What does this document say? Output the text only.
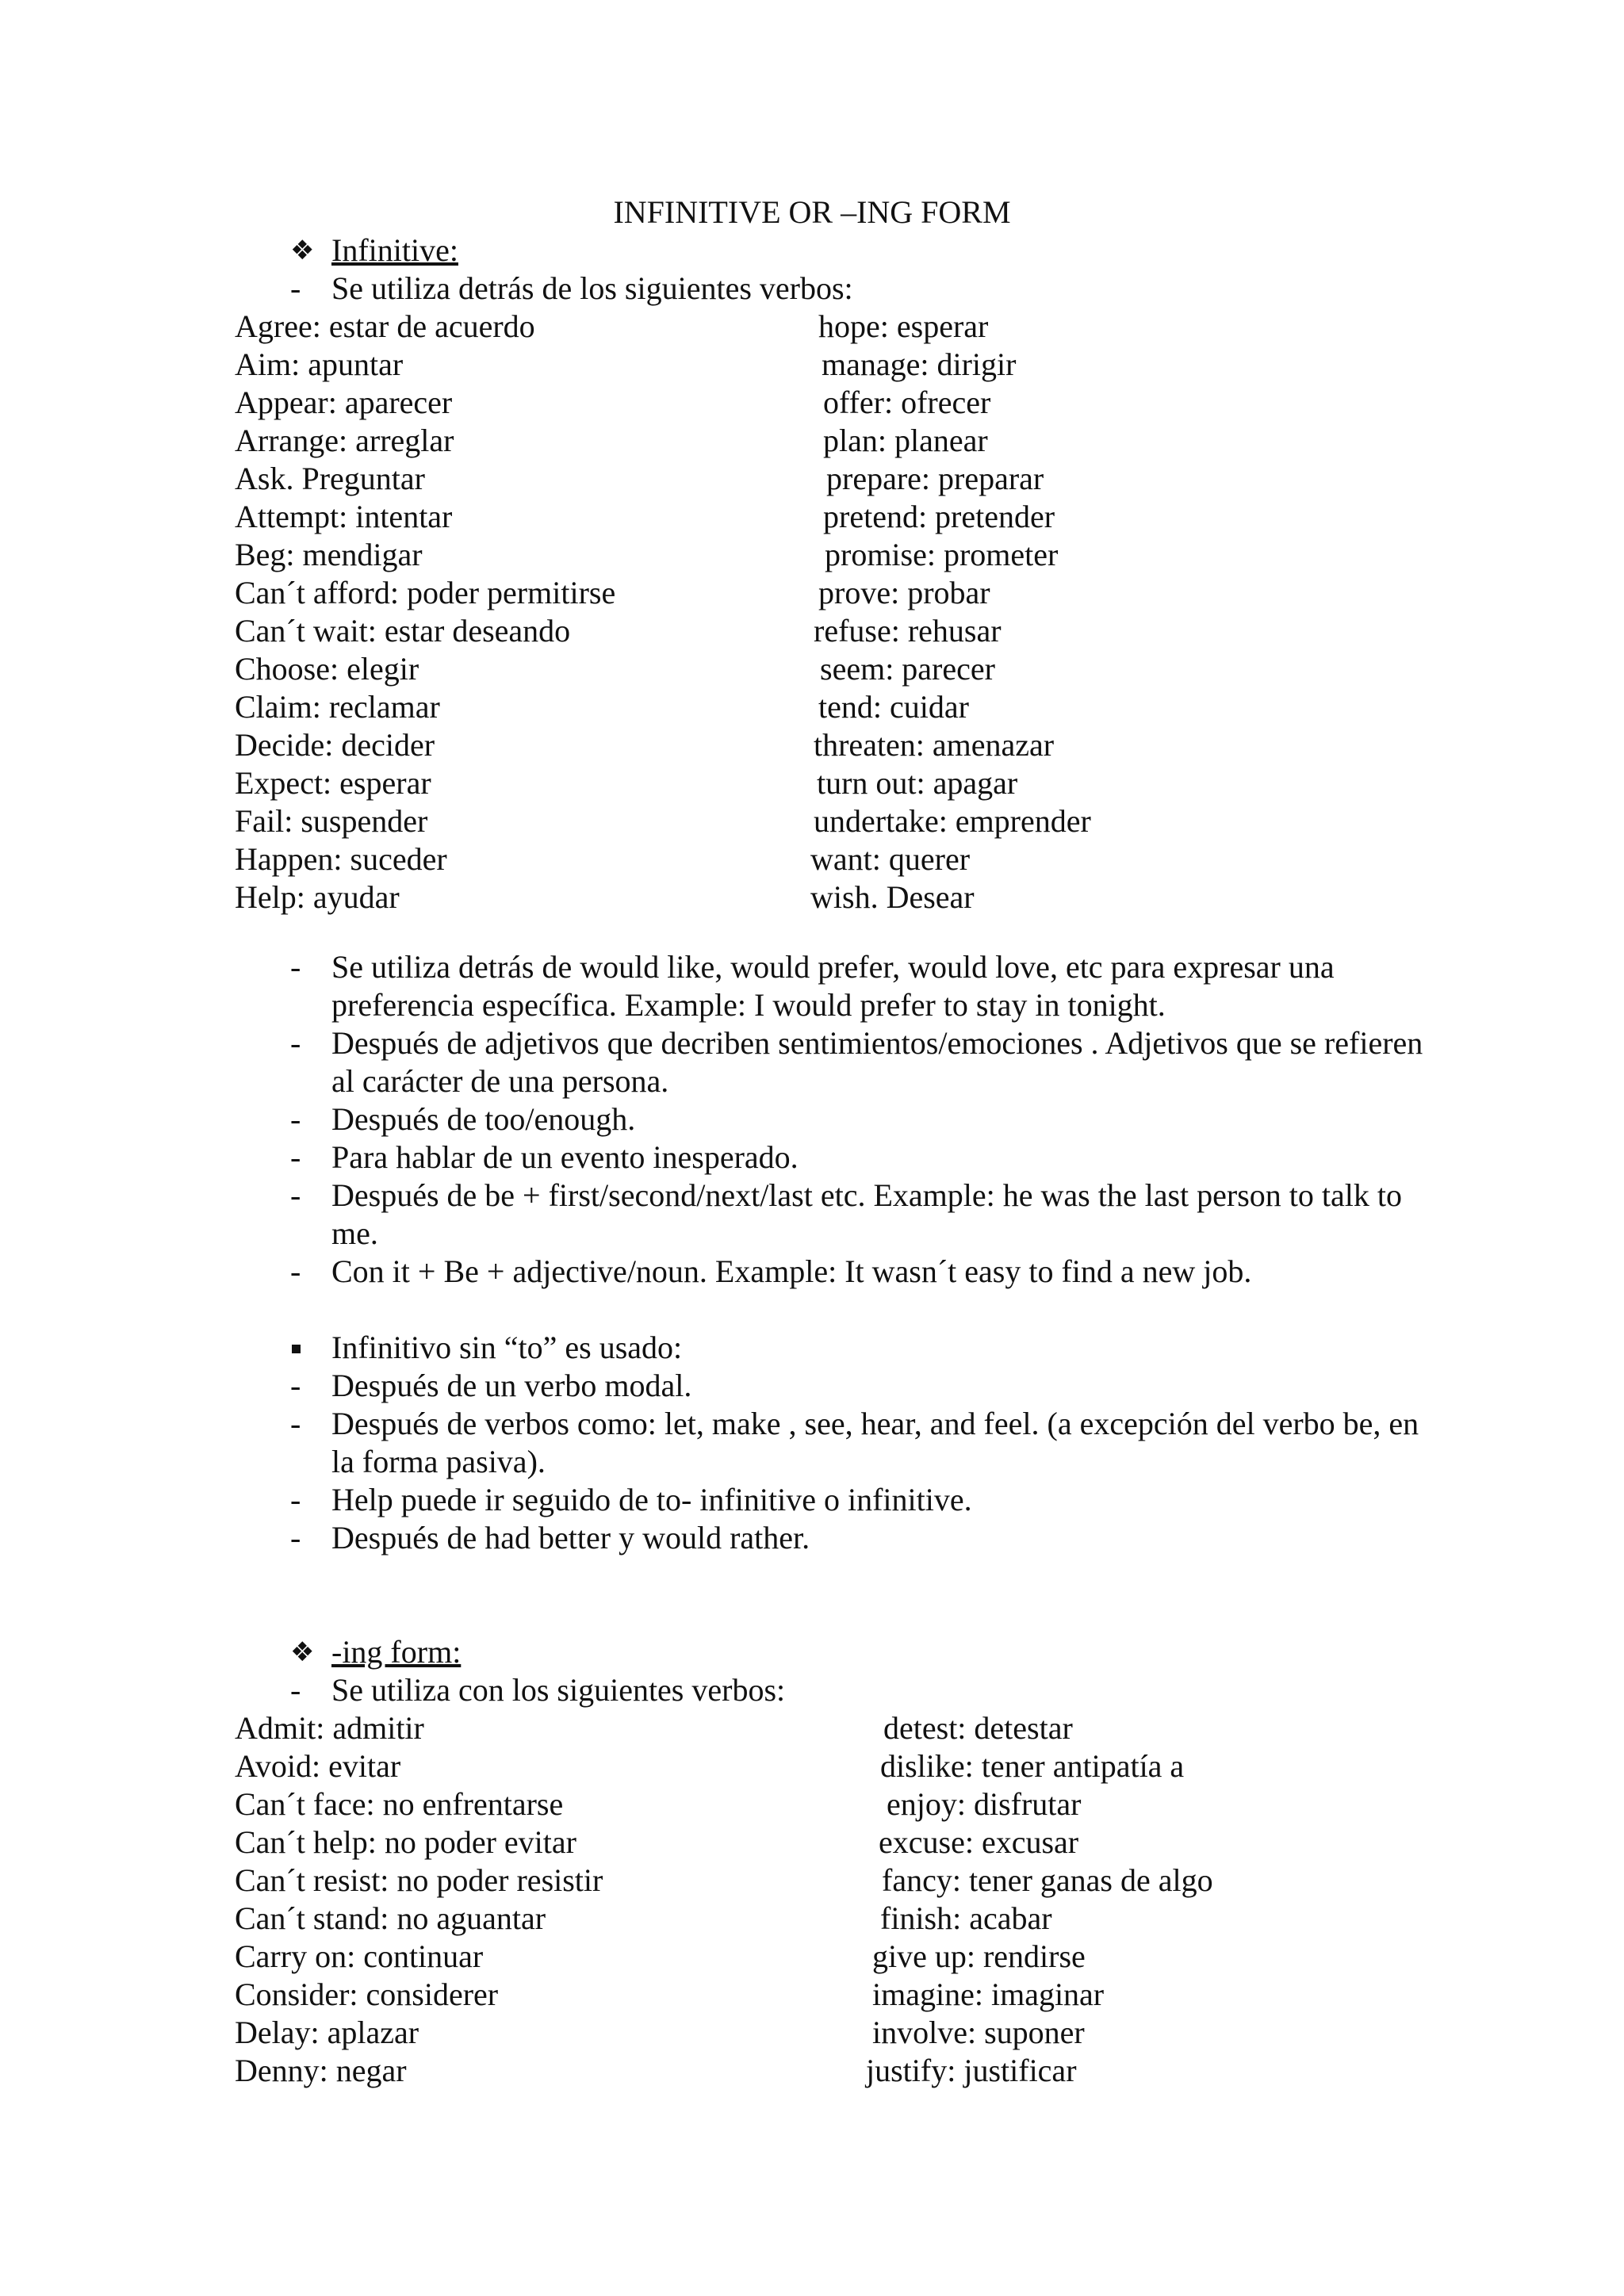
INFINITIVE OR –ING FORM
❖ Infinitive:
- Se utiliza detrás de los siguientes verbos:
Agree: estar de acuerdo	hope: esperar
Aim: apuntar	manage: dirigir
Appear: aparecer	offer: ofrecer
Arrange: arreglar	plan: planear
Ask. Preguntar	prepare: preparar
Attempt: intentar	pretend: pretender
Beg: mendigar	promise: prometer
Can´t afford: poder permitirse	prove: probar
Can´t wait: estar deseando	refuse: rehusar
Choose: elegir	seem: parecer
Claim: reclamar	tend: cuidar
Decide: decider	threaten: amenazar
Expect: esperar	turn out: apagar
Fail: suspender	undertake: emprender
Happen: suceder	want: querer
Help: ayudar	wish. Desear
- Se utiliza detrás de would like, would prefer, would love, etc para expresar una preferencia específica. Example: I would prefer to stay in tonight.
- Después de adjetivos que decriben sentimientos/emociones . Adjetivos que se refieren al carácter de una persona.
- Después de too/enough.
- Para hablar de un evento inesperado.
- Después de be + first/second/next/last etc. Example: he was the last person to talk to me.
- Con it + Be + adjective/noun. Example: It wasn´t easy to find a new job.
Infinitivo sin “to” es usado:
- Después de un verbo modal.
- Después de verbos como: let, make , see, hear, and feel. (a excepción del verbo be, en la forma pasiva).
- Help puede ir seguido de to- infinitive o infinitive.
- Después de had better y would rather.
❖ -ing form:
- Se utiliza con los siguientes verbos:
Admit: admitir	detest: detestar
Avoid: evitar	dislike: tener antipatía a
Can´t face: no enfrentarse	enjoy: disfrutar
Can´t help: no poder evitar	excuse: excusar
Can´t resist: no poder resistir	fancy: tener ganas de algo
Can´t stand: no aguantar	finish: acabar
Carry on: continuar	give up: rendirse
Consider: considerer	imagine: imaginar
Delay: aplazar	involve: suponer
Denny: negar	justify: justificar
